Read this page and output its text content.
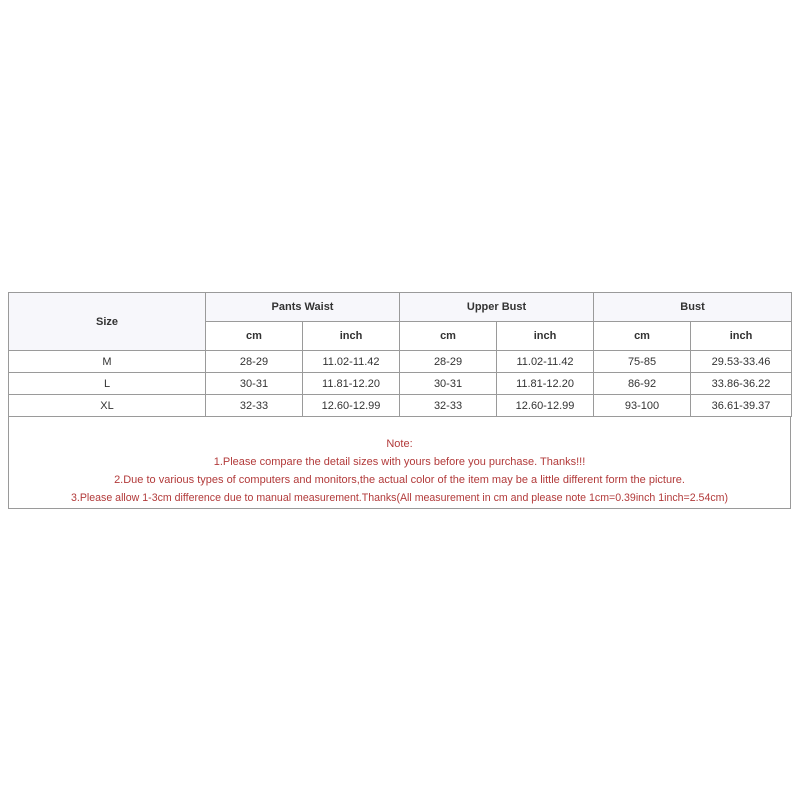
Size	Pants Waist		Upper Bust		Bust	
	cm	inch	cm	inch	cm	inch
M	28-29	11.02-11.42	28-29	11.02-11.42	75-85	29.53-33.46
L	30-31	11.81-12.20	30-31	11.81-12.20	86-92	33.86-36.22
XL	32-33	12.60-12.99	32-33	12.60-12.99	93-100	36.61-39.37
Note:
1.Please compare the detail sizes with yours before you purchase. Thanks!!!
2.Due to various types of computers and monitors,the actual color of the item may be a little different form the picture.
3.Please allow 1-3cm difference due to manual measurement.Thanks(All measurement in cm and please note 1cm=0.39inch 1inch=2.54cm)
